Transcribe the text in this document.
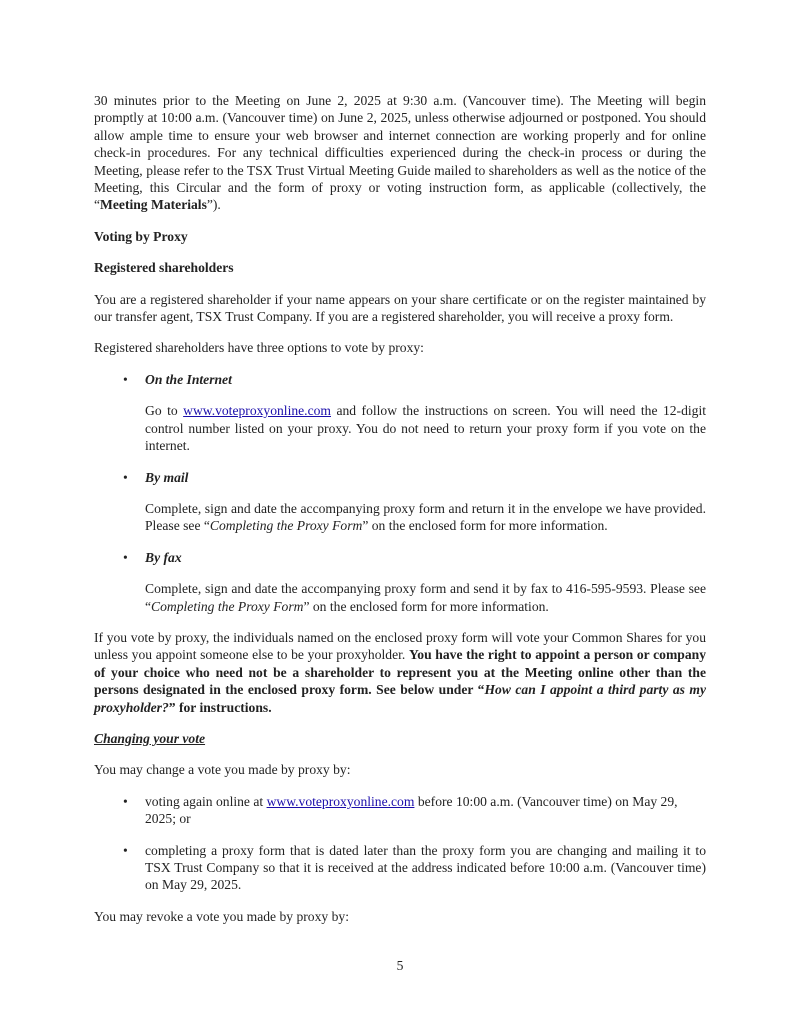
30 minutes prior to the Meeting on June 2, 2025 at 9:30 a.m. (Vancouver time). The Meeting will begin promptly at 10:00 a.m. (Vancouver time) on June 2, 2025, unless otherwise adjourned or postponed. You should allow ample time to ensure your web browser and internet connection are working properly and for online check-in procedures. For any technical difficulties experienced during the check-in process or during the Meeting, please refer to the TSX Trust Virtual Meeting Guide mailed to shareholders as well as the notice of the Meeting, this Circular and the form of proxy or voting instruction form, as applicable (collectively, the “Meeting Materials”).

Voting by Proxy

Registered shareholders

You are a registered shareholder if your name appears on your share certificate or on the register maintained by our transfer agent, TSX Trust Company. If you are a registered shareholder, you will receive a proxy form.

Registered shareholders have three options to vote by proxy:

• On the Internet

Go to www.voteproxyonline.com and follow the instructions on screen. You will need the 12-digit control number listed on your proxy. You do not need to return your proxy form if you vote on the internet.

• By mail

Complete, sign and date the accompanying proxy form and return it in the envelope we have provided. Please see “Completing the Proxy Form” on the enclosed form for more information.

• By fax

Complete, sign and date the accompanying proxy form and send it by fax to 416-595-9593. Please see “Completing the Proxy Form” on the enclosed form for more information.

If you vote by proxy, the individuals named on the enclosed proxy form will vote your Common Shares for you unless you appoint someone else to be your proxyholder. You have the right to appoint a person or company of your choice who need not be a shareholder to represent you at the Meeting online other than the persons designated in the enclosed proxy form. See below under “How can I appoint a third party as my proxyholder?” for instructions.

Changing your vote

You may change a vote you made by proxy by:

• voting again online at www.voteproxyonline.com before 10:00 a.m. (Vancouver time) on May 29, 2025; or

• completing a proxy form that is dated later than the proxy form you are changing and mailing it to TSX Trust Company so that it is received at the address indicated before 10:00 a.m. (Vancouver time) on May 29, 2025.

You may revoke a vote you made by proxy by:

5
